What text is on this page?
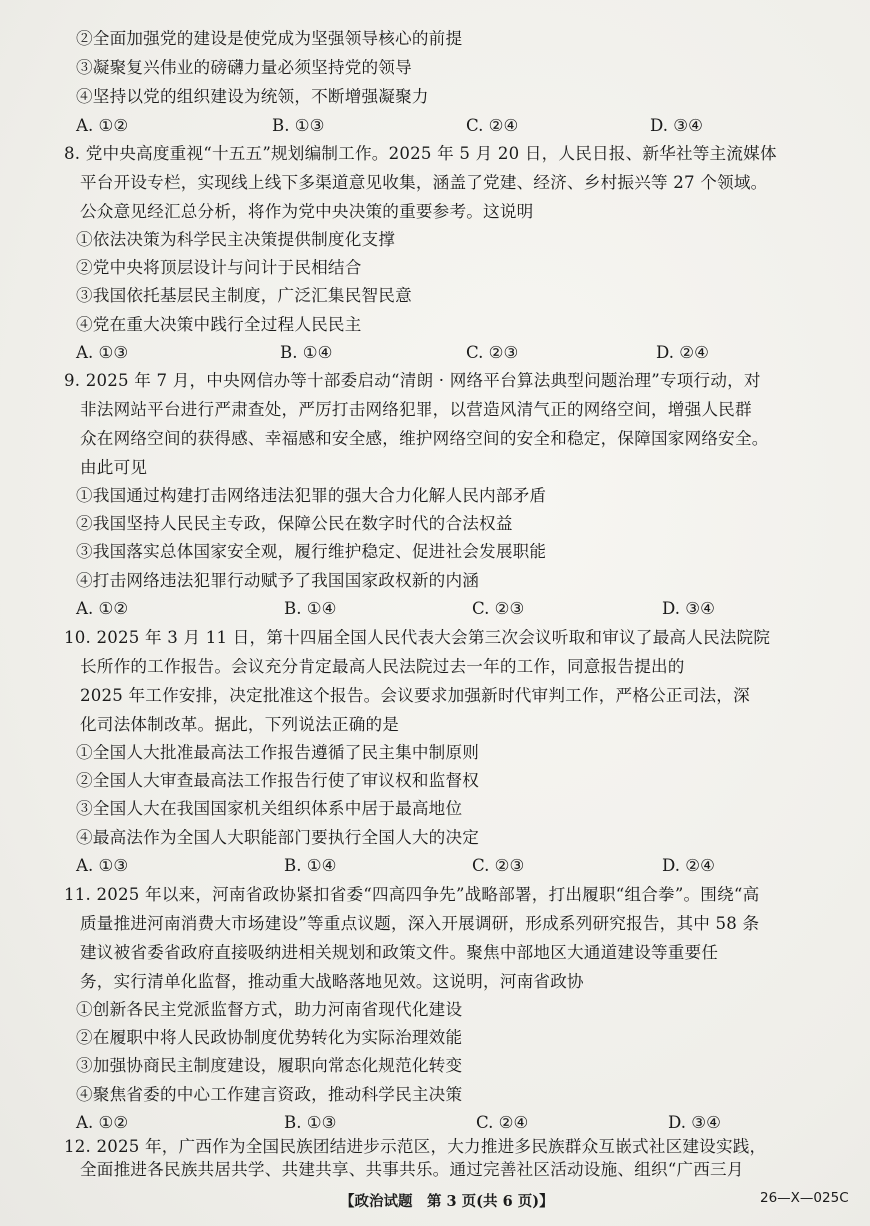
②全面加强党的建设是使党成为坚强领导核心的前提
③凝聚复兴伟业的磅礴力量必须坚持党的领导
④坚持以党的组织建设为统领，不断增强凝聚力
A. ①②	B. ①③	C. ②④	D. ③④
8. 党中央高度重视“十五五”规划编制工作。2025 年 5 月 20 日，人民日报、新华社等主流媒体
平台开设专栏，实现线上线下多渠道意见收集，涵盖了党建、经济、乡村振兴等 27 个领域。
公众意见经汇总分析，将作为党中央决策的重要参考。这说明
①依法决策为科学民主决策提供制度化支撑
②党中央将顶层设计与问计于民相结合
③我国依托基层民主制度，广泛汇集民智民意
④党在重大决策中践行全过程人民民主
A. ①③	B. ①④	C. ②③	D. ②④
9. 2025 年 7 月，中央网信办等十部委启动“清朗 · 网络平台算法典型问题治理”专项行动，对
非法网站平台进行严肃查处，严厉打击网络犯罪，以营造风清气正的网络空间，增强人民群
众在网络空间的获得感、幸福感和安全感，维护网络空间的安全和稳定，保障国家网络安全。
由此可见
①我国通过构建打击网络违法犯罪的强大合力化解人民内部矛盾
②我国坚持人民民主专政，保障公民在数字时代的合法权益
③我国落实总体国家安全观，履行维护稳定、促进社会发展职能
④打击网络违法犯罪行动赋予了我国国家政权新的内涵
A. ①②	B. ①④	C. ②③	D. ③④
10. 2025 年 3 月 11 日，第十四届全国人民代表大会第三次会议听取和审议了最高人民法院院
长所作的工作报告。会议充分肯定最高人民法院过去一年的工作，同意报告提出的
2025 年工作安排，决定批准这个报告。会议要求加强新时代审判工作，严格公正司法，深
化司法体制改革。据此，下列说法正确的是
①全国人大批准最高法工作报告遵循了民主集中制原则
②全国人大审查最高法工作报告行使了审议权和监督权
③全国人大在我国国家机关组织体系中居于最高地位
④最高法作为全国人大职能部门要执行全国人大的决定
A. ①③	B. ①④	C. ②③	D. ②④
11. 2025 年以来，河南省政协紧扣省委“四高四争先”战略部署，打出履职“组合拳”。围绕“高
质量推进河南消费大市场建设”等重点议题，深入开展调研，形成系列研究报告，其中 58 条
建议被省委省政府直接吸纳进相关规划和政策文件。聚焦中部地区大通道建设等重要任
务，实行清单化监督，推动重大战略落地见效。这说明，河南省政协
①创新各民主党派监督方式，助力河南省现代化建设
②在履职中将人民政协制度优势转化为实际治理效能
③加强协商民主制度建设，履职向常态化规范化转变
④聚焦省委的中心工作建言资政，推动科学民主决策
A. ①②	B. ①③	C. ②④	D. ③④
12. 2025 年，广西作为全国民族团结进步示范区，大力推进多民族群众互嵌式社区建设实践，
【政治试题　第 3 页(共 6 页)】	26—X—025C
全面推进各民族共居共学、共建共享、共事共乐。通过完善社区活动设施、组织“广西三月
